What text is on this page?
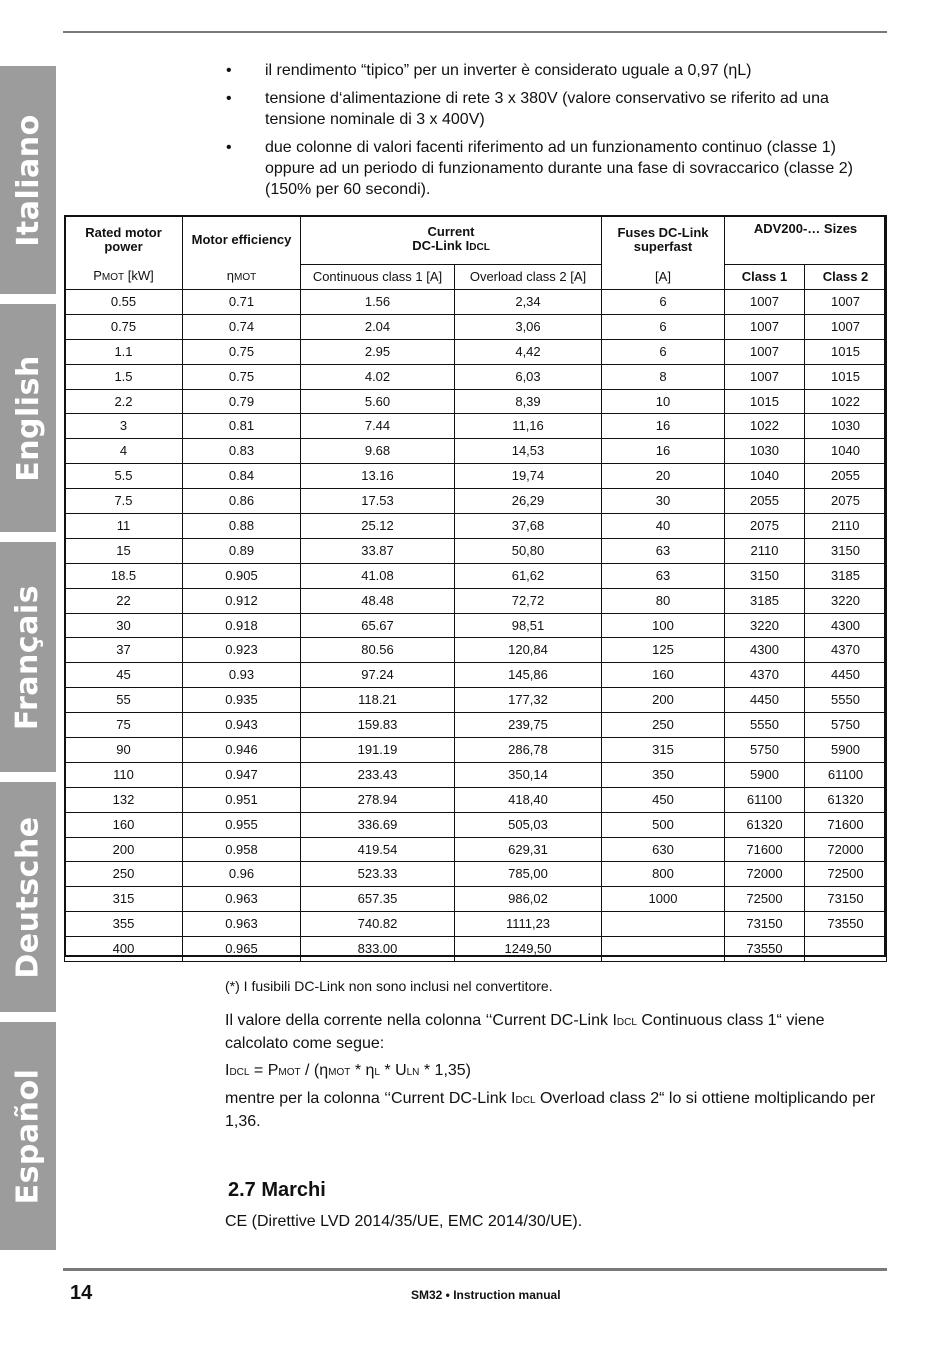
Italiano
English
Français
Deutsche
Español
• il rendimento “tipico” per un inverter è considerato uguale a 0,97 (ηL)
• tensione d‘alimentazione di rete 3 x 380V (valore conservativo se riferito ad una tensione nominale di 3 x 400V)
• due colonne di valori facenti riferimento ad un funzionamento continuo (classe 1) oppure ad un periodo di funzionamento durante una fase di sovraccarico (classe 2) (150% per 60 secondi).
Rated motor power	Motor efficiency	Current
DC-Link IDCL		Fuses DC-Link superfast	ADV200-… Sizes	
PMOT [kW]	ηMOT	Continuous class 1 [A]	Overload class 2 [A]	[A]	Class 1	Class 2
0.55	0.71	1.56	2,34	6	1007	1007
0.75	0.74	2.04	3,06	6	1007	1007
1.1	0.75	2.95	4,42	6	1007	1015
1.5	0.75	4.02	6,03	8	1007	1015
2.2	0.79	5.60	8,39	10	1015	1022
3	0.81	7.44	11,16	16	1022	1030
4	0.83	9.68	14,53	16	1030	1040
5.5	0.84	13.16	19,74	20	1040	2055
7.5	0.86	17.53	26,29	30	2055	2075
11	0.88	25.12	37,68	40	2075	2110
15	0.89	33.87	50,80	63	2110	3150
18.5	0.905	41.08	61,62	63	3150	3185
22	0.912	48.48	72,72	80	3185	3220
30	0.918	65.67	98,51	100	3220	4300
37	0.923	80.56	120,84	125	4300	4370
45	0.93	97.24	145,86	160	4370	4450
55	0.935	118.21	177,32	200	4450	5550
75	0.943	159.83	239,75	250	5550	5750
90	0.946	191.19	286,78	315	5750	5900
110	0.947	233.43	350,14	350	5900	61100
132	0.951	278.94	418,40	450	61100	61320
160	0.955	336.69	505,03	500	61320	71600
200	0.958	419.54	629,31	630	71600	72000
250	0.96	523.33	785,00	800	72000	72500
315	0.963	657.35	986,02	1000	72500	73150
355	0.963	740.82	1111,23		73150	73550
400	0.965	833.00	1249,50		73550	
(*) I fusibili DC-Link non sono inclusi nel convertitore.
Il valore della corrente nella colonna ‘‘Current DC-Link IDCL Continuous class 1“ viene calcolato come segue:
IDCL = PMOT / (ηMOT * ηL * ULN * 1,35)
mentre per la colonna ‘‘Current DC-Link IDCL Overload class 2“ lo si ottiene moltiplicando per 1,36.
2.7 Marchi
CE (Direttive LVD 2014/35/UE, EMC 2014/30/UE).
14	SM32 • Instruction manual
